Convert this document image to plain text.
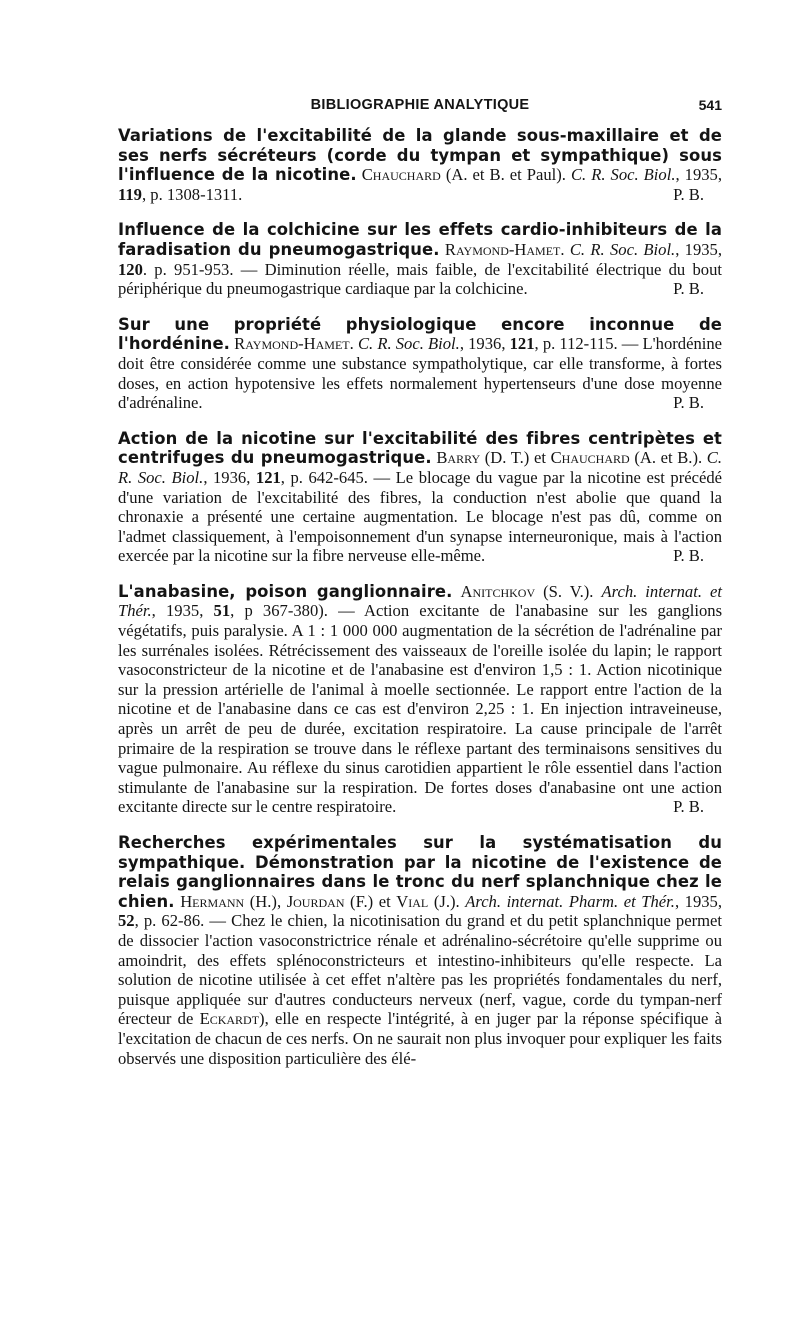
BIBLIOGRAPHIE ANALYTIQUE	541

Variations de l'excitabilité de la glande sous-maxillaire et de ses nerfs sécréteurs (corde du tympan et sympathique) sous l'influence de la nicotine. Chauchard (A. et B. et Paul). C. R. Soc. Biol., 1935, 119, p. 1308-1311.	P. B.

Influence de la colchicine sur les effets cardio-inhibiteurs de la faradisation du pneumogastrique. Raymond-Hamet. C. R. Soc. Biol., 1935, 120. p. 951-953. — Diminution réelle, mais faible, de l'excitabilité électrique du bout périphérique du pneumogastrique cardiaque par la colchicine.	P. B.

Sur une propriété physiologique encore inconnue de l'hordénine. Raymond-Hamet. C. R. Soc. Biol., 1936, 121, p. 112-115. — L'hordénine doit être considérée comme une substance sympatholytique, car elle transforme, à fortes doses, en action hypotensive les effets normalement hypertenseurs d'une dose moyenne d'adrénaline.	P. B.

Action de la nicotine sur l'excitabilité des fibres centripètes et centrifuges du pneumogastrique. Barry (D. T.) et Chauchard (A. et B.). C. R. Soc. Biol., 1936, 121, p. 642-645. — Le blocage du vague par la nicotine est précédé d'une variation de l'excitabilité des fibres, la conduction n'est abolie que quand la chronaxie a présenté une certaine augmentation. Le blocage n'est pas dû, comme on l'admet classiquement, à l'empoisonnement d'un synapse interneuronique, mais à l'action exercée par la nicotine sur la fibre nerveuse elle-même.	P. B.

L'anabasine, poison ganglionnaire. Anitchkov (S. V.). Arch. internat. et Thér., 1935, 51, p 367-380). — Action excitante de l'anabasine sur les ganglions végétatifs, puis paralysie. A 1 : 1 000 000 augmentation de la sécrétion de l'adrénaline par les surrénales isolées. Rétrécissement des vaisseaux de l'oreille isolée du lapin; le rapport vasoconstricteur de la nicotine et de l'anabasine est d'environ 1,5 : 1. Action nicotinique sur la pression artérielle de l'animal à moelle sectionnée. Le rapport entre l'action de la nicotine et de l'anabasine dans ce cas est d'environ 2,25 : 1. En injection intraveineuse, après un arrêt de peu de durée, excitation respiratoire. La cause principale de l'arrêt primaire de la respiration se trouve dans le réflexe partant des terminaisons sensitives du vague pulmonaire. Au réflexe du sinus carotidien appartient le rôle essentiel dans l'action stimulante de l'anabasine sur la respiration. De fortes doses d'anabasine ont une action excitante directe sur le centre respiratoire.	P. B.

Recherches expérimentales sur la systématisation du sympathique. Démonstration par la nicotine de l'existence de relais ganglionnaires dans le tronc du nerf splanchnique chez le chien. Hermann (H.), Jourdan (F.) et Vial (J.). Arch. internat. Pharm. et Thér., 1935, 52, p. 62-86. — Chez le chien, la nicotinisation du grand et du petit splanchnique permet de dissocier l'action vasoconstrictrice rénale et adrénalino-sécrétoire qu'elle supprime ou amoindrit, des effets splénoconstricteurs et intestino-inhibiteurs qu'elle respecte. La solution de nicotine utilisée à cet effet n'altère pas les propriétés fondamentales du nerf, puisque appliquée sur d'autres conducteurs nerveux (nerf, vague, corde du tympan-nerf érecteur de Eckardt), elle en respecte l'intégrité, à en juger par la réponse spécifique à l'excitation de chacun de ces nerfs. On ne saurait non plus invoquer pour expliquer les faits observés une disposition particulière des élé-
